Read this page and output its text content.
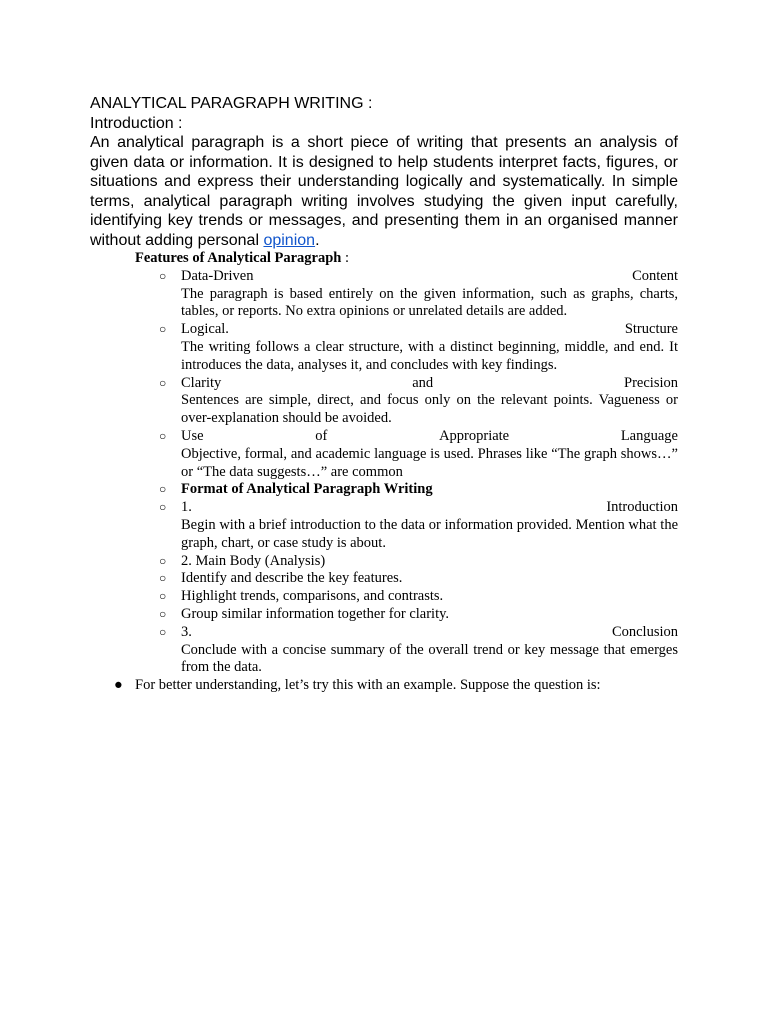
ANALYTICAL PARAGRAPH WRITING :
Introduction :
An analytical paragraph is a short piece of writing that presents an analysis of given data or information. It is designed to help students interpret facts, figures, or situations and express their understanding logically and systematically. In simple terms, analytical paragraph writing involves studying the given input carefully, identifying key trends or messages, and presenting them in an organised manner without adding personal opinion.

Features of Analytical Paragraph :

○ Data-Driven	Content
The paragraph is based entirely on the given information, such as graphs, charts, tables, or reports. No extra opinions or unrelated details are added.
○ Logical.	Structure
The writing follows a clear structure, with a distinct beginning, middle, and end. It introduces the data, analyses it, and concludes with key findings.
○ Clarity	and	Precision
Sentences are simple, direct, and focus only on the relevant points. Vagueness or over-explanation should be avoided.
○ Use	of	Appropriate	Language
Objective, formal, and academic language is used. Phrases like “The graph shows…” or “The data suggests…” are common
○ Format of Analytical Paragraph Writing
○ 1.	Introduction
Begin with a brief introduction to the data or information provided. Mention what the graph, chart, or case study is about.
○ 2. Main Body (Analysis)
○ Identify and describe the key features.
○ Highlight trends, comparisons, and contrasts.
○ Group similar information together for clarity.
○ 3.	Conclusion
Conclude with a concise summary of the overall trend or key message that emerges from the data.
● For better understanding, let’s try this with an example. Suppose the question is:
